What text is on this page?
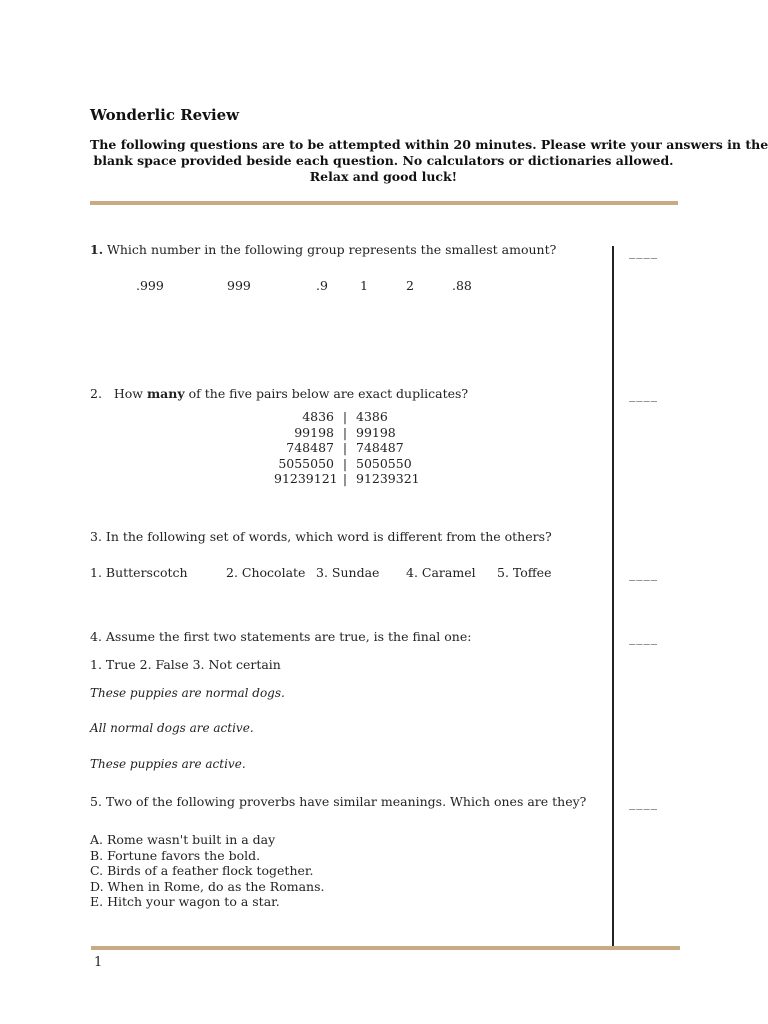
Wonderlic Review
The following questions are to be attempted within 20 minutes. Please write your answers in the
blank space provided beside each question. No calculators or dictionaries allowed.
Relax and good luck!
1. Which number in the following group represents the smallest amount?	____
.999	999	.9	1	2	.88
2.   How many of the five pairs below are exact duplicates?	____
4836 | 4386
99198 | 99198
748487 | 748487
5055050 | 5050550
91239121 | 91239321
3. In the following set of words, which word is different from the others?
1. Butterscotch	2. Chocolate 3. Sundae 4. Caramel 5. Toffee	____
4. Assume the first two statements are true, is the final one:	____
1. True 2. False 3. Not certain
These puppies are normal dogs.
All normal dogs are active.
These puppies are active.
5. Two of the following proverbs have similar meanings. Which ones are they?	____
A. Rome wasn't built in a day
B. Fortune favors the bold.
C. Birds of a feather flock together.
D. When in Rome, do as the Romans.
E. Hitch your wagon to a star.
1
